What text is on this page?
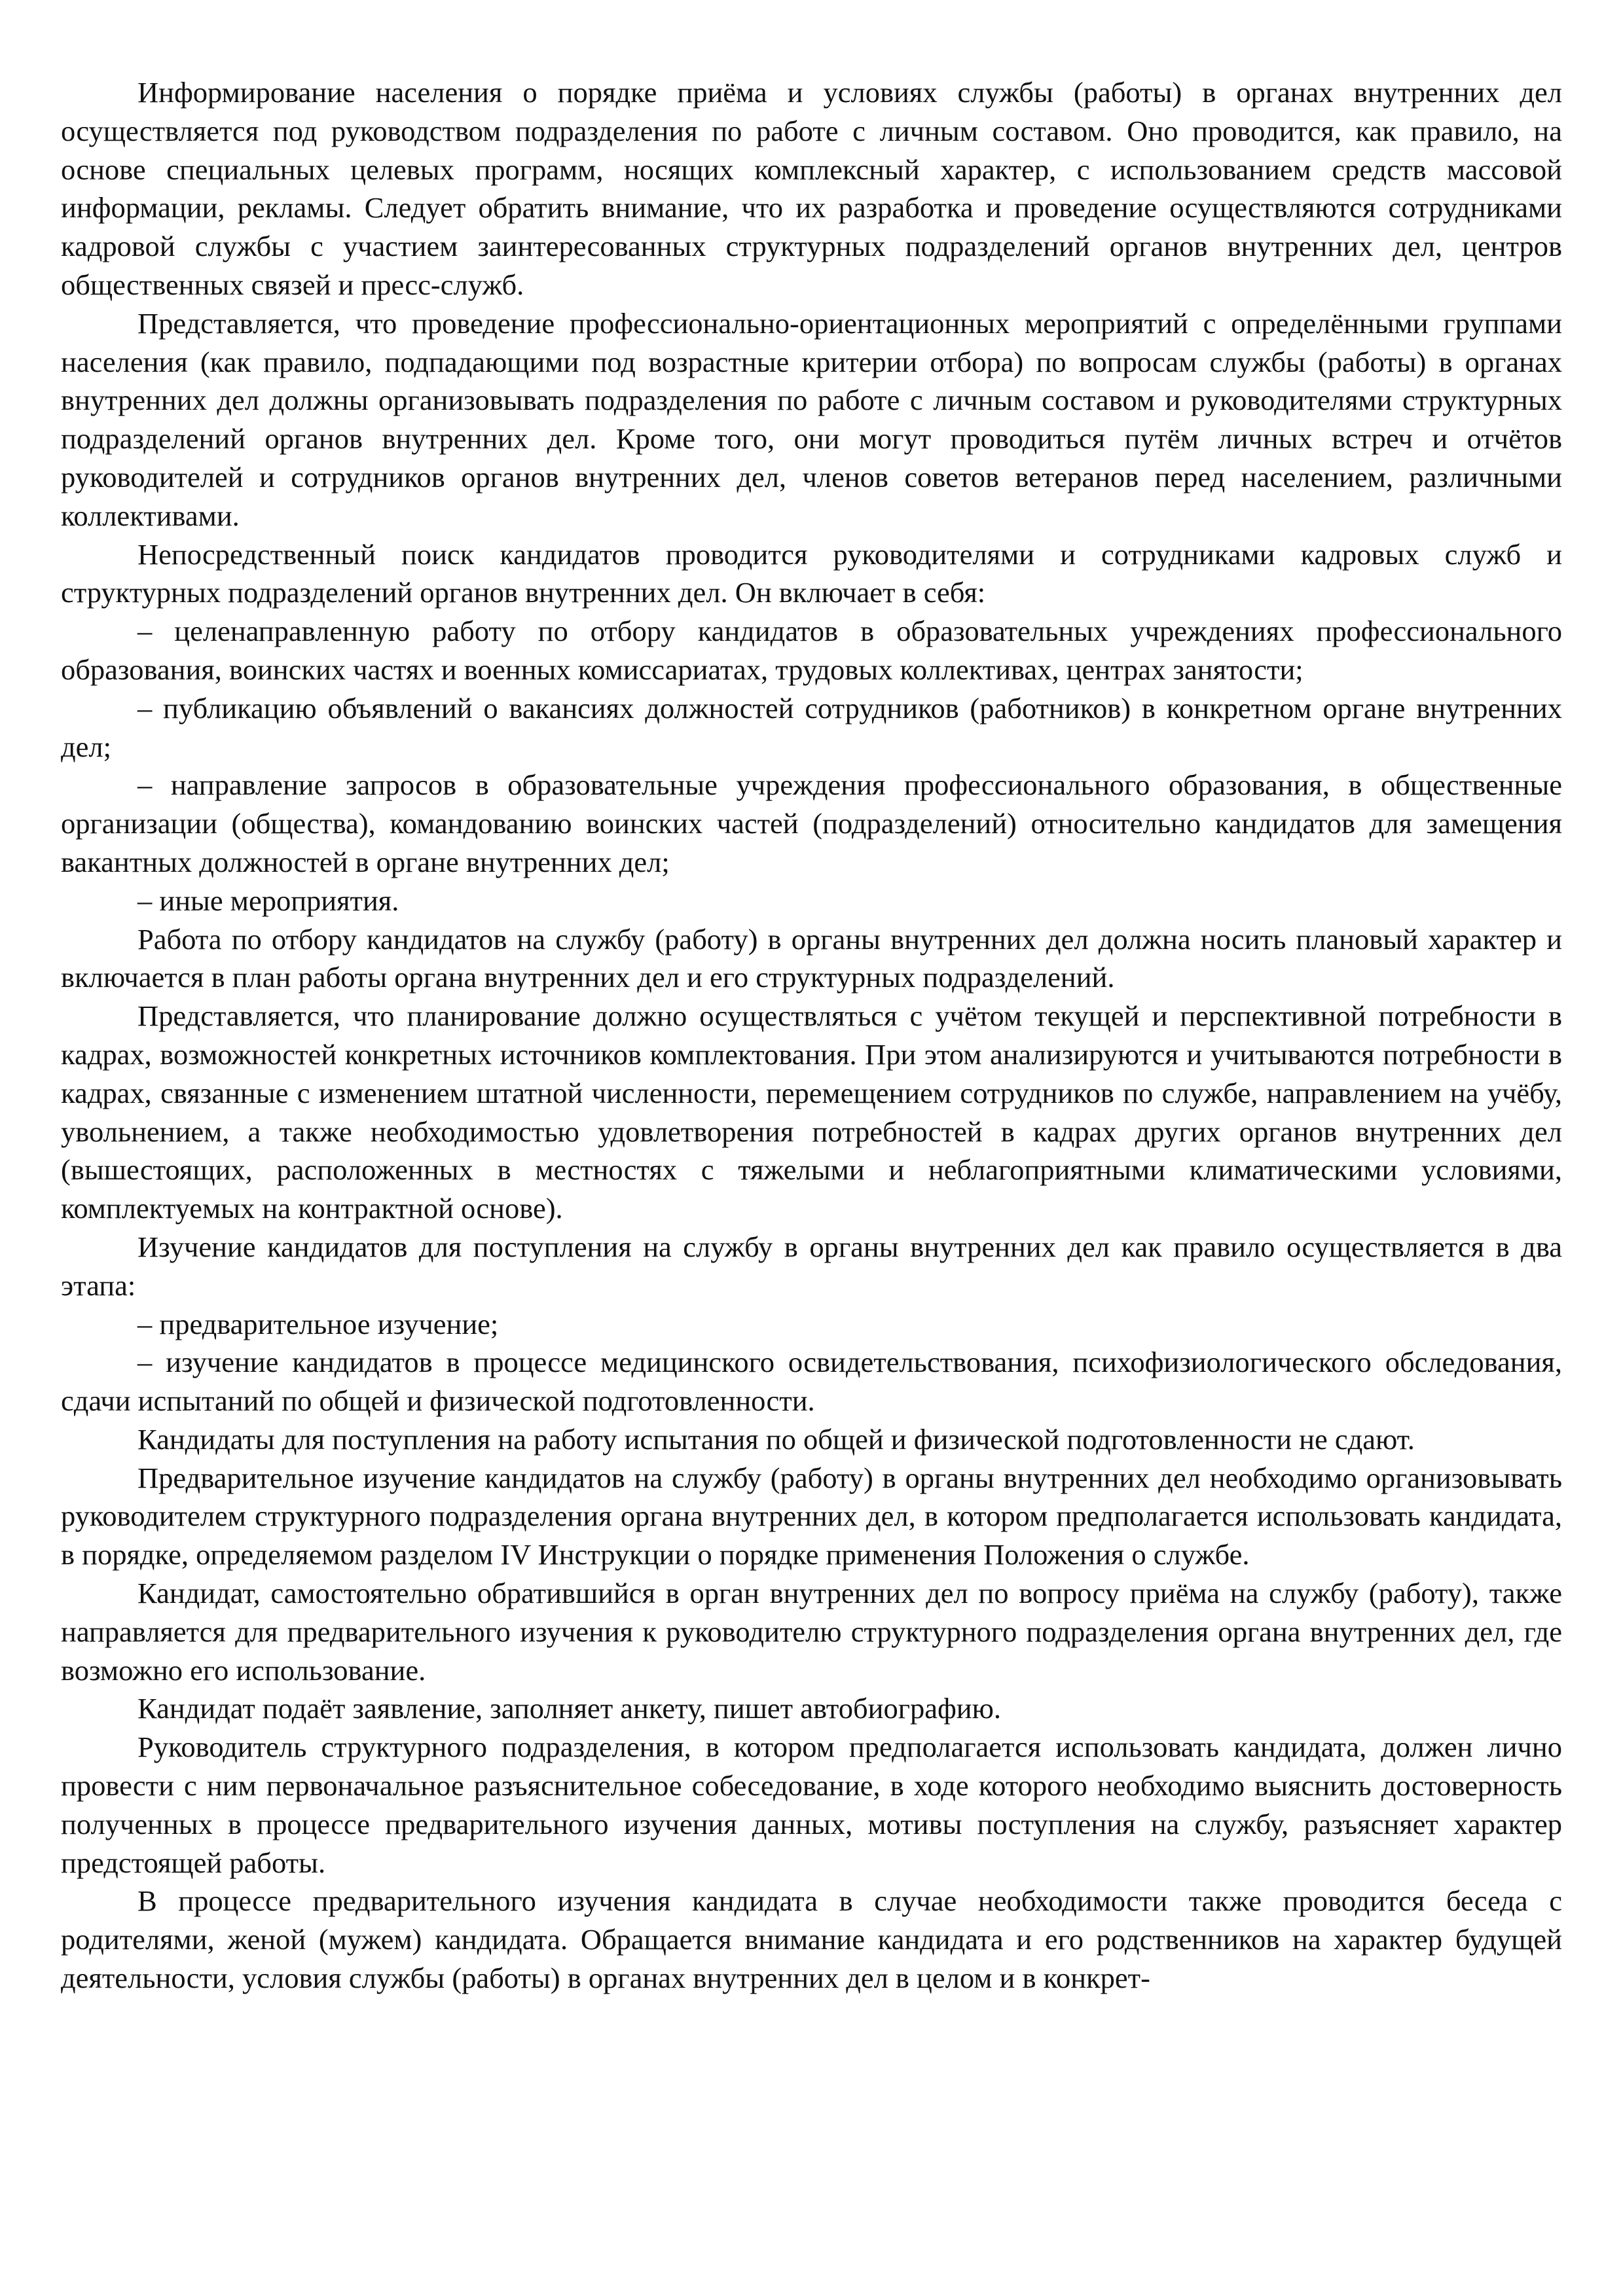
Информирование населения о порядке приёма и условиях службы (работы) в органах внутренних дел осуществляется под руководством подразделения по работе с личным составом. Оно проводится, как правило, на основе специальных целевых программ, носящих комплексный характер, с использованием средств массовой информации, рекламы. Следует обратить внимание, что их разработка и проведение осуществляются сотрудниками кадровой службы с участием заинтересованных структурных подразделений органов внутренних дел, центров общественных связей и пресс-служб.

Представляется, что проведение профессионально-ориентационных мероприятий с определёнными группами населения (как правило, подпадающими под возрастные критерии отбора) по вопросам службы (работы) в органах внутренних дел должны организовывать подразделения по работе с личным составом и руководителями структурных подразделений органов внутренних дел. Кроме того, они могут проводиться путём личных встреч и отчётов руководителей и сотрудников органов внутренних дел, членов советов ветеранов перед населением, различными коллективами.

Непосредственный поиск кандидатов проводится руководителями и сотрудниками кадровых служб и структурных подразделений органов внутренних дел. Он включает в себя:

– целенаправленную работу по отбору кандидатов в образовательных учреждениях профессионального образования, воинских частях и военных комиссариатах, трудовых коллективах, центрах занятости;

– публикацию объявлений о вакансиях должностей сотрудников (работников) в конкретном органе внутренних дел;

– направление запросов в образовательные учреждения профессионального образования, в общественные организации (общества), командованию воинских частей (подразделений) относительно кандидатов для замещения вакантных должностей в органе внутренних дел;

– иные мероприятия.

Работа по отбору кандидатов на службу (работу) в органы внутренних дел должна носить плановый характер и включается в план работы органа внутренних дел и его структурных подразделений.

Представляется, что планирование должно осуществляться с учётом текущей и перспективной потребности в кадрах, возможностей конкретных источников комплектования. При этом анализируются и учитываются потребности в кадрах, связанные с изменением штатной численности, перемещением сотрудников по службе, направлением на учёбу, увольнением, а также необходимостью удовлетворения потребностей в кадрах других органов внутренних дел (вышестоящих, расположенных в местностях с тяжелыми и неблагоприятными климатическими условиями, комплектуемых на контрактной основе).

Изучение кандидатов для поступления на службу в органы внутренних дел как правило осуществляется в два этапа:

– предварительное изучение;

– изучение кандидатов в процессе медицинского освидетельствования, психофизиологического обследования, сдачи испытаний по общей и физической подготовленности.

Кандидаты для поступления на работу испытания по общей и физической подготовленности не сдают.

Предварительное изучение кандидатов на службу (работу) в органы внутренних дел необходимо организовывать руководителем структурного подразделения органа внутренних дел, в котором предполагается использовать кандидата, в порядке, определяемом разделом IV Инструкции о порядке применения Положения о службе.

Кандидат, самостоятельно обратившийся в орган внутренних дел по вопросу приёма на службу (работу), также направляется для предварительного изучения к руководителю структурного подразделения органа внутренних дел, где возможно его использование.

Кандидат подаёт заявление, заполняет анкету, пишет автобиографию.

Руководитель структурного подразделения, в котором предполагается использовать кандидата, должен лично провести с ним первоначальное разъяснительное собеседование, в ходе которого необходимо выяснить достоверность полученных в процессе предварительного изучения данных, мотивы поступления на службу, разъясняет характер предстоящей работы.

В процессе предварительного изучения кандидата в случае необходимости также проводится беседа с родителями, женой (мужем) кандидата. Обращается внимание кандидата и его родственников на характер будущей деятельности, условия службы (работы) в органах внутренних дел в целом и в конкрет-
